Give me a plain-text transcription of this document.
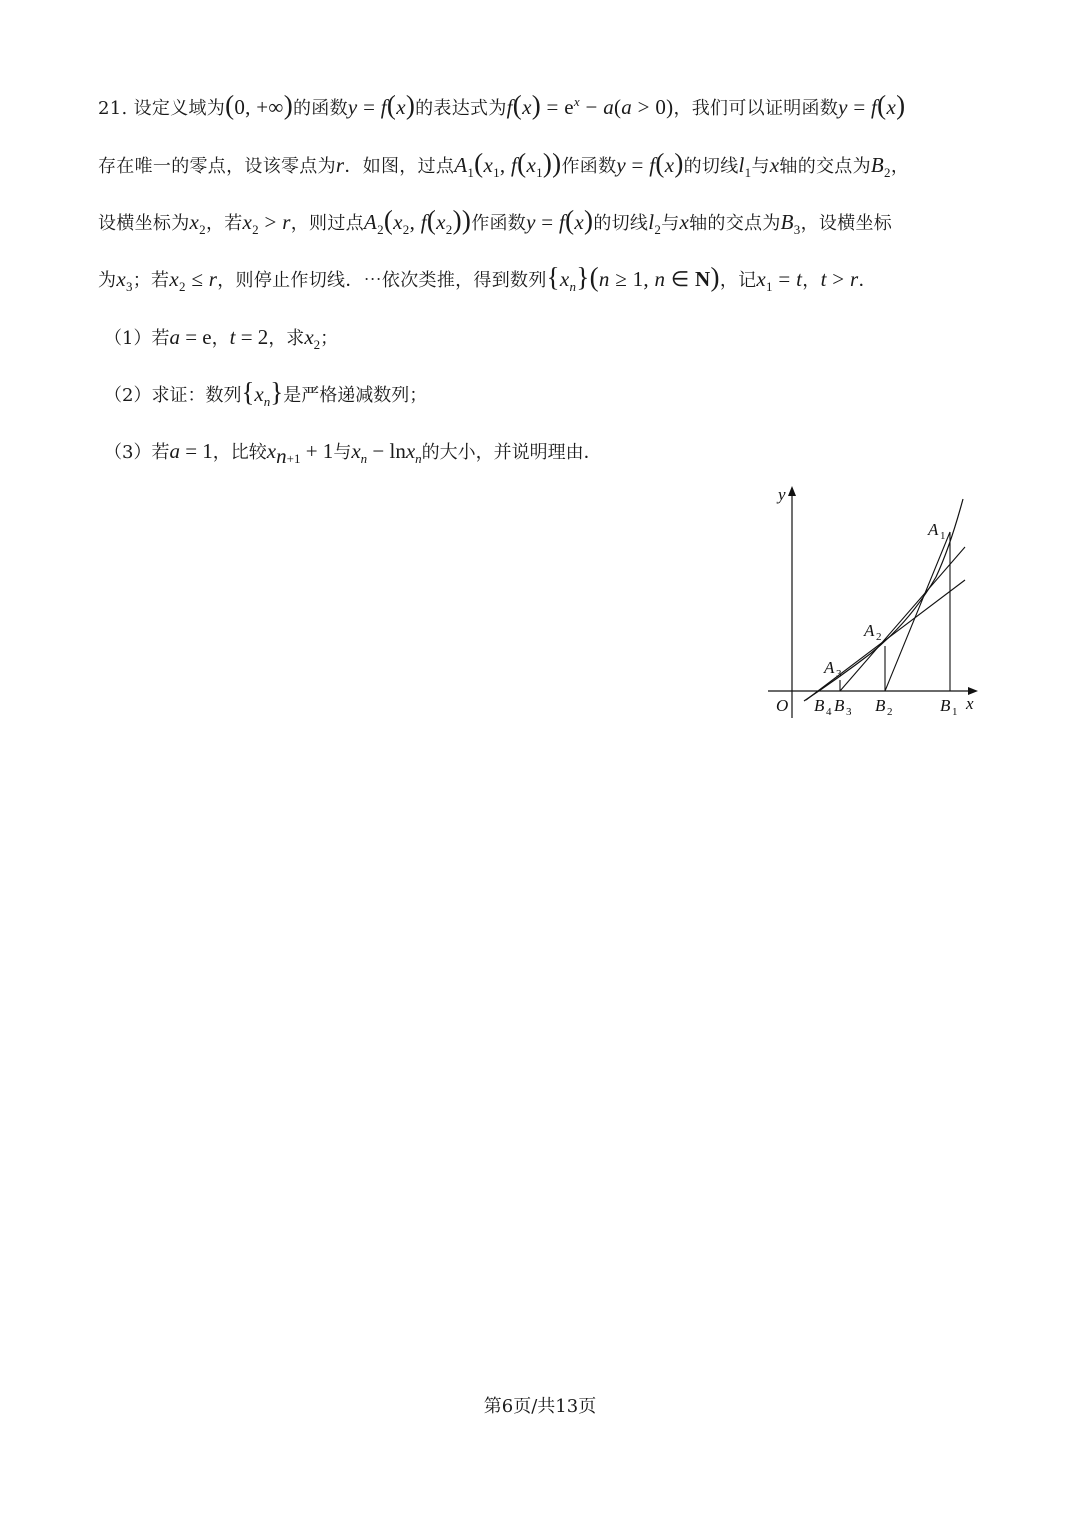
21. 设定义域为(0, +∞)的函数y = f(x)的表达式为$f(x) = e^x - a(a > 0)$，我们可以证明函数y = f(x)
存在唯一的零点，设该零点为r．如图，过点$A_1(x_1$, $f(x_1)$)作函数y = f(x)的切线$l_1$与x轴的交点为$B_2$，
设横坐标为$x_2$，若$x_2 > r$，则过点$A_2(x_2$, $f(x_2)$)作函数y = f(x)的切线$l_2$与x轴的交点为$B_3$，设横坐标
为$x_3$；若$x_2 \le r$，则停止作切线．⋯依次类推，得到数列$\{x_n\}(n \ge 1$, n ∈ N)，记$x_1 = t$，t > r．
（1）若a = e，t = 2，求$x_2$；
（2）求证：数列$\{x_n\}$是严格递减数列；
（3）若a = 1，比较$x_{n+1} + 1$与$x_n - \ln x_n$的大小，并说明理由．
y
x
O
A 1
A 2
A 3
B 4 B 3 B 2	B 1
第6页/共13页
